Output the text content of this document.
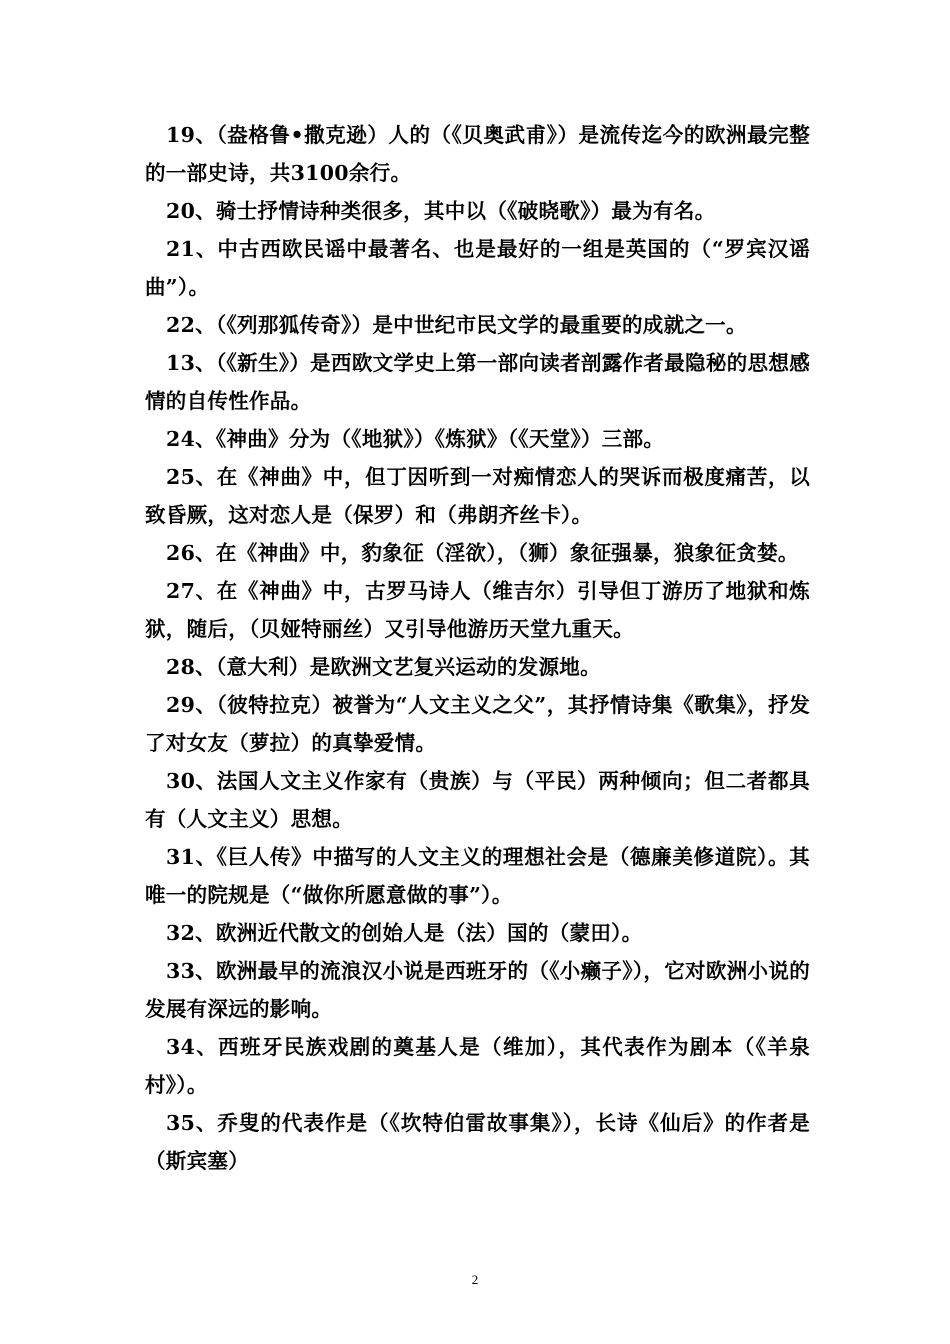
19、（盎格鲁•撒克逊）人的（《贝奥武甫》）是流传迄今的欧洲最完整的一部史诗，共3100余行。

20、骑士抒情诗种类很多，其中以（《破晓歌》）最为有名。

21、中古西欧民谣中最著名、也是最好的一组是英国的（“罗宾汉谣曲”）。

22、（《列那狐传奇》）是中世纪市民文学的最重要的成就之一。

13、（《新生》）是西欧文学史上第一部向读者剖露作者最隐秘的思想感情的自传性作品。

24、《神曲》分为（《地狱》）《炼狱》（《天堂》）三部。

25、在《神曲》中，但丁因听到一对痴情恋人的哭诉而极度痛苦，以致昏厥，这对恋人是（保罗）和（弗朗齐丝卡）。

26、在《神曲》中，豹象征（淫欲），（狮）象征强暴，狼象征贪婪。

27、在《神曲》中，古罗马诗人（维吉尔）引导但丁游历了地狱和炼狱，随后，（贝娅特丽丝）又引导他游历天堂九重天。

28、（意大利）是欧洲文艺复兴运动的发源地。

29、（彼特拉克）被誉为“人文主义之父”，其抒情诗集《歌集》，抒发了对女友（萝拉）的真挚爱情。

30、法国人文主义作家有（贵族）与（平民）两种倾向；但二者都具有（人文主义）思想。

31、《巨人传》中描写的人文主义的理想社会是（德廉美修道院）。其唯一的院规是（“做你所愿意做的事”）。

32、欧洲近代散文的创始人是（法）国的（蒙田）。

33、欧洲最早的流浪汉小说是西班牙的（《小癞子》），它对欧洲小说的发展有深远的影响。

34、西班牙民族戏剧的奠基人是（维加），其代表作为剧本（《羊泉村》）。

35、乔叟的代表作是（《坎特伯雷故事集》），长诗《仙后》的作者是（斯宾塞）

2
